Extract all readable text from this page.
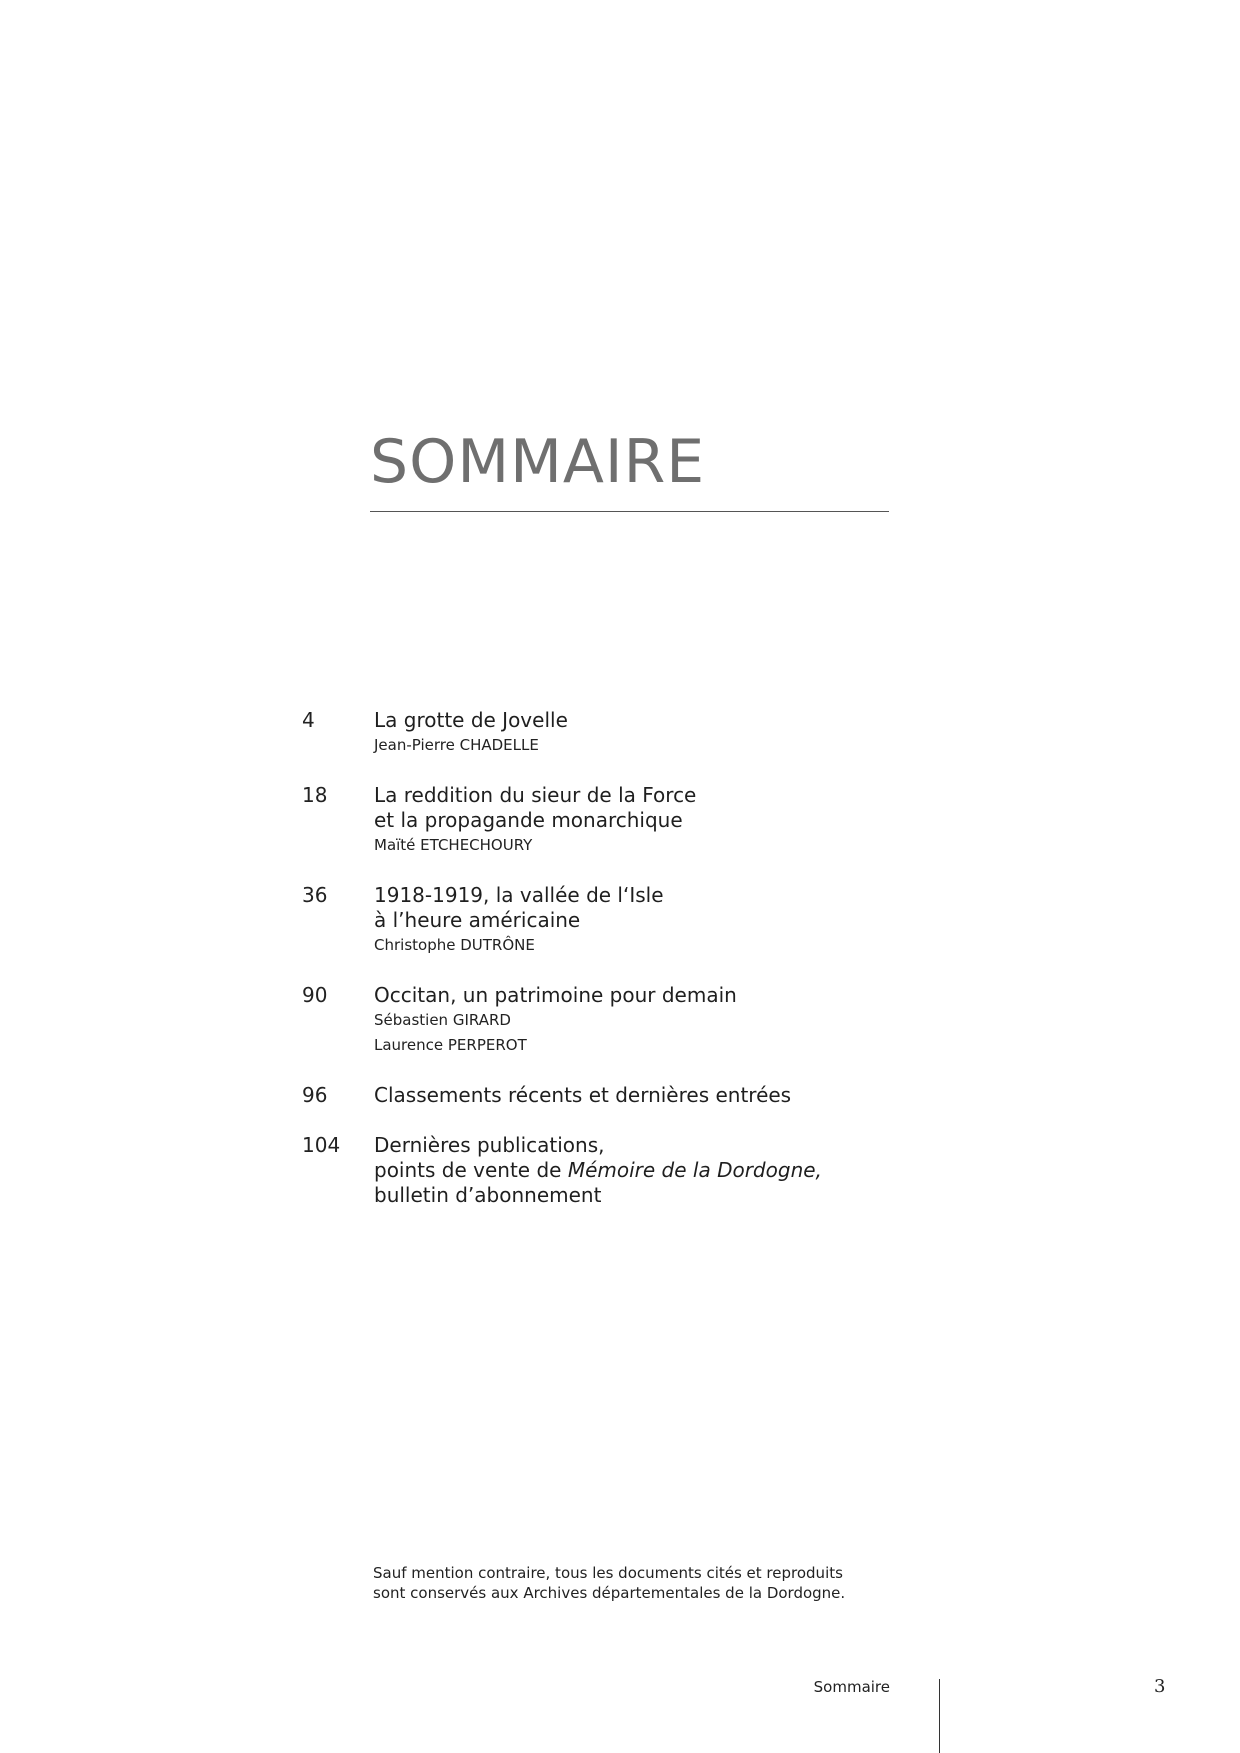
SOMMAIRE
4	La grotte de Jovelle
Jean-Pierre CHADELLE
18 La reddition du sieur de la Force
et la propagande monarchique
Maïté ETCHECHOURY
36 1918-1919, la vallée de l‘Isle
à l’heure américaine
Christophe DUTRÔNE
90 Occitan, un patrimoine pour demain
Sébastien GIRARD
Laurence PERPEROT
96 Classements récents et dernières entrées
104 Dernières publications,
points de vente de Mémoire de la Dordogne,
bulletin d’abonnement
Sauf mention contraire, tous les documents cités et reproduits
sont conservés aux Archives départementales de la Dordogne.
Sommaire	3
